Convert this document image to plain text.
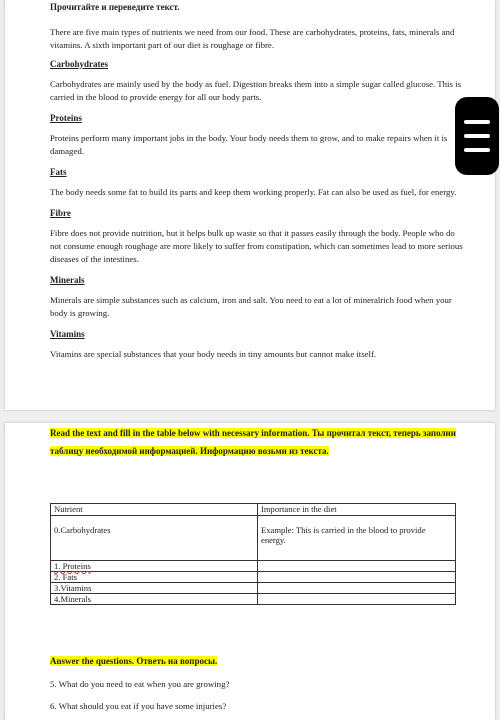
Прочитайте и переведите текст.

There are five main types of nutrients we need from our food. These are carbohydrates, proteins, fats, minerals and vitamins. A sixth important part of our diet is roughage or fibre.

Carbohydrates

Carbohydrates are mainly used by the body as fuel. Digestion breaks them into a simple sugar called glucose. This is carried in the blood to provide energy for all our body parts.

Proteins

Proteins perform many important jobs in the body. Your body needs them to grow, and to make repairs when it is damaged.

Fats

The body needs some fat to build its parts and keep them working properly. Fat can also be used as fuel, for energy.

Fibre

Fibre does not provide nutrition, but it helps bulk up waste so that it passes easily through the body. People who do not consume enough roughage are more likely to suffer from constipation, which can sometimes lead to more serious diseases of the intestines.

Minerals

Minerals are simple substances such as calcium, iron and salt. You need to eat a lot of mineralrich food when your body is growing.

Vitamins

Vitamins are special substances that your body needs in tiny amounts but cannot make itself.

Read the text and fill in the table below with necessary information. Ты прочитал текст, теперь заполни таблицу необходимой информацией. Информацию возьми из текста.

Nutrient	Importance in the diet
0.Carbohydrates	Example: This is carried in the blood to provide energy.
1. Proteins	
2. Fats	
3.Vitamins	
4.Minerals	

Answer the questions. Ответь на вопросы.

5. What do you need to eat when you are growing?

6. What should you eat if you have some injuries?
